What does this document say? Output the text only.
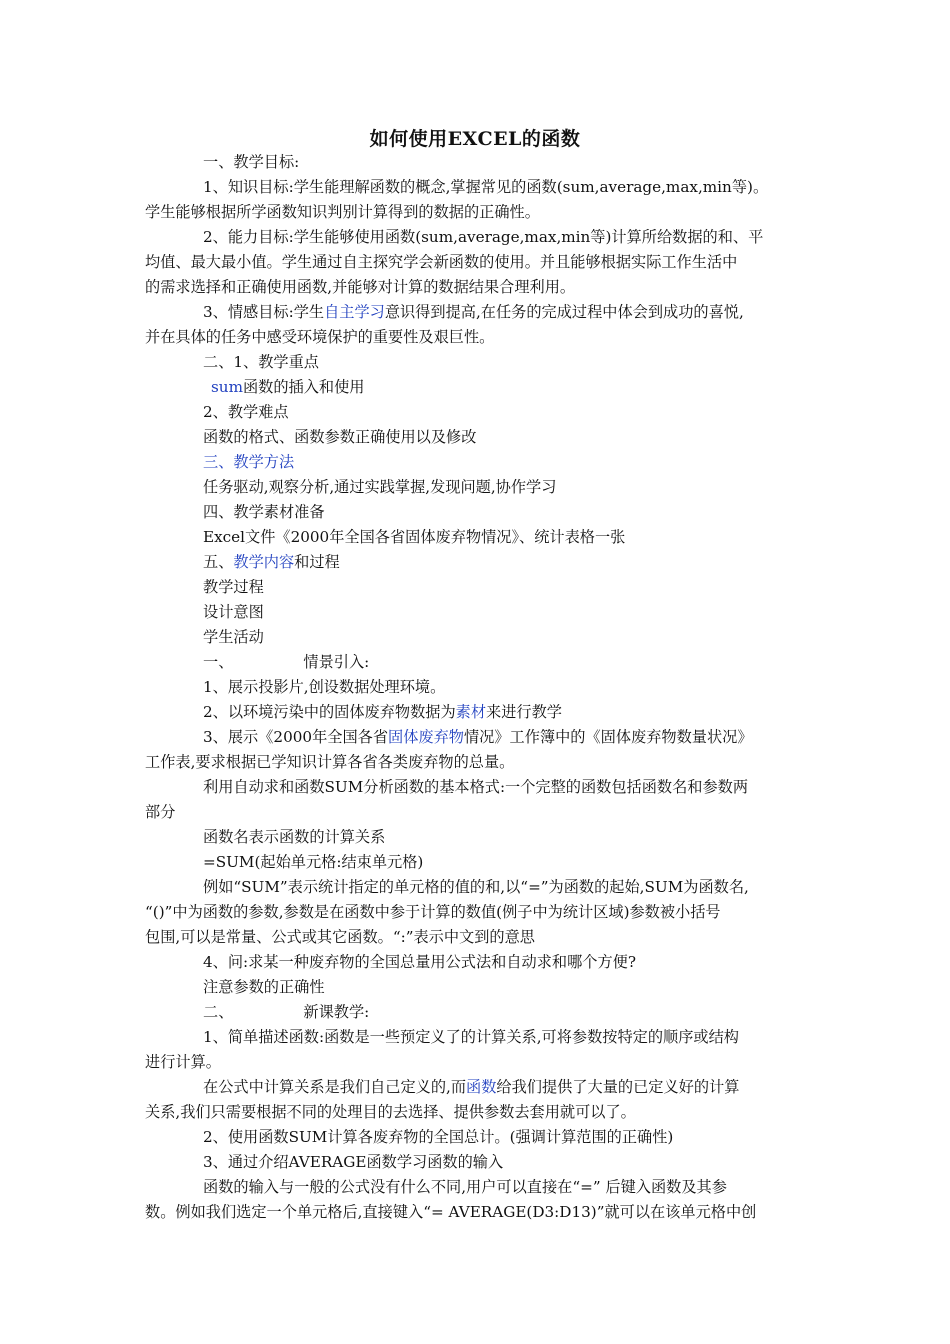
如何使用EXCEL的函数
一、教学目标:
1、知识目标:学生能理解函数的概念,掌握常见的函数(sum,average,max,min等)。
学生能够根据所学函数知识判别计算得到的数据的正确性。
2、能力目标:学生能够使用函数(sum,average,max,min等)计算所给数据的和、平
均值、最大最小值。学生通过自主探究学会新函数的使用。并且能够根据实际工作生活中
的需求选择和正确使用函数,并能够对计算的数据结果合理利用。
3、情感目标:学生自主学习意识得到提高,在任务的完成过程中体会到成功的喜悦,
并在具体的任务中感受环境保护的重要性及艰巨性。
二、1、教学重点
sum函数的插入和使用
2、教学难点
函数的格式、函数参数正确使用以及修改
三、教学方法
任务驱动,观察分析,通过实践掌握,发现问题,协作学习
四、教学素材准备
Excel文件《2000年全国各省固体废弃物情况》、统计表格一张
五、教学内容和过程
教学过程
设计意图
学生活动
一、	情景引入:
1、展示投影片,创设数据处理环境。
2、以环境污染中的固体废弃物数据为素材来进行教学
3、展示《2000年全国各省固体废弃物情况》工作簿中的《固体废弃物数量状况》
工作表,要求根据已学知识计算各省各类废弃物的总量。
利用自动求和函数SUM分析函数的基本格式:一个完整的函数包括函数名和参数两
部分
函数名表示函数的计算关系
=SUM(起始单元格:结束单元格)
例如“SUM”表示统计指定的单元格的值的和,以“=”为函数的起始,SUM为函数名,
“()”中为函数的参数,参数是在函数中参于计算的数值(例子中为统计区域)参数被小括号
包围,可以是常量、公式或其它函数。“:”表示中文到的意思
4、问:求某一种废弃物的全国总量用公式法和自动求和哪个方便?
注意参数的正确性
二、	新课教学:
1、简单描述函数:函数是一些预定义了的计算关系,可将参数按特定的顺序或结构
进行计算。
在公式中计算关系是我们自己定义的,而函数给我们提供了大量的已定义好的计算
关系,我们只需要根据不同的处理目的去选择、提供参数去套用就可以了。
2、使用函数SUM计算各废弃物的全国总计。(强调计算范围的正确性)
3、通过介绍AVERAGE函数学习函数的输入
函数的输入与一般的公式没有什么不同,用户可以直接在“=” 后键入函数及其参
数。例如我们选定一个单元格后,直接键入“= AVERAGE(D3:D13)”就可以在该单元格中创
